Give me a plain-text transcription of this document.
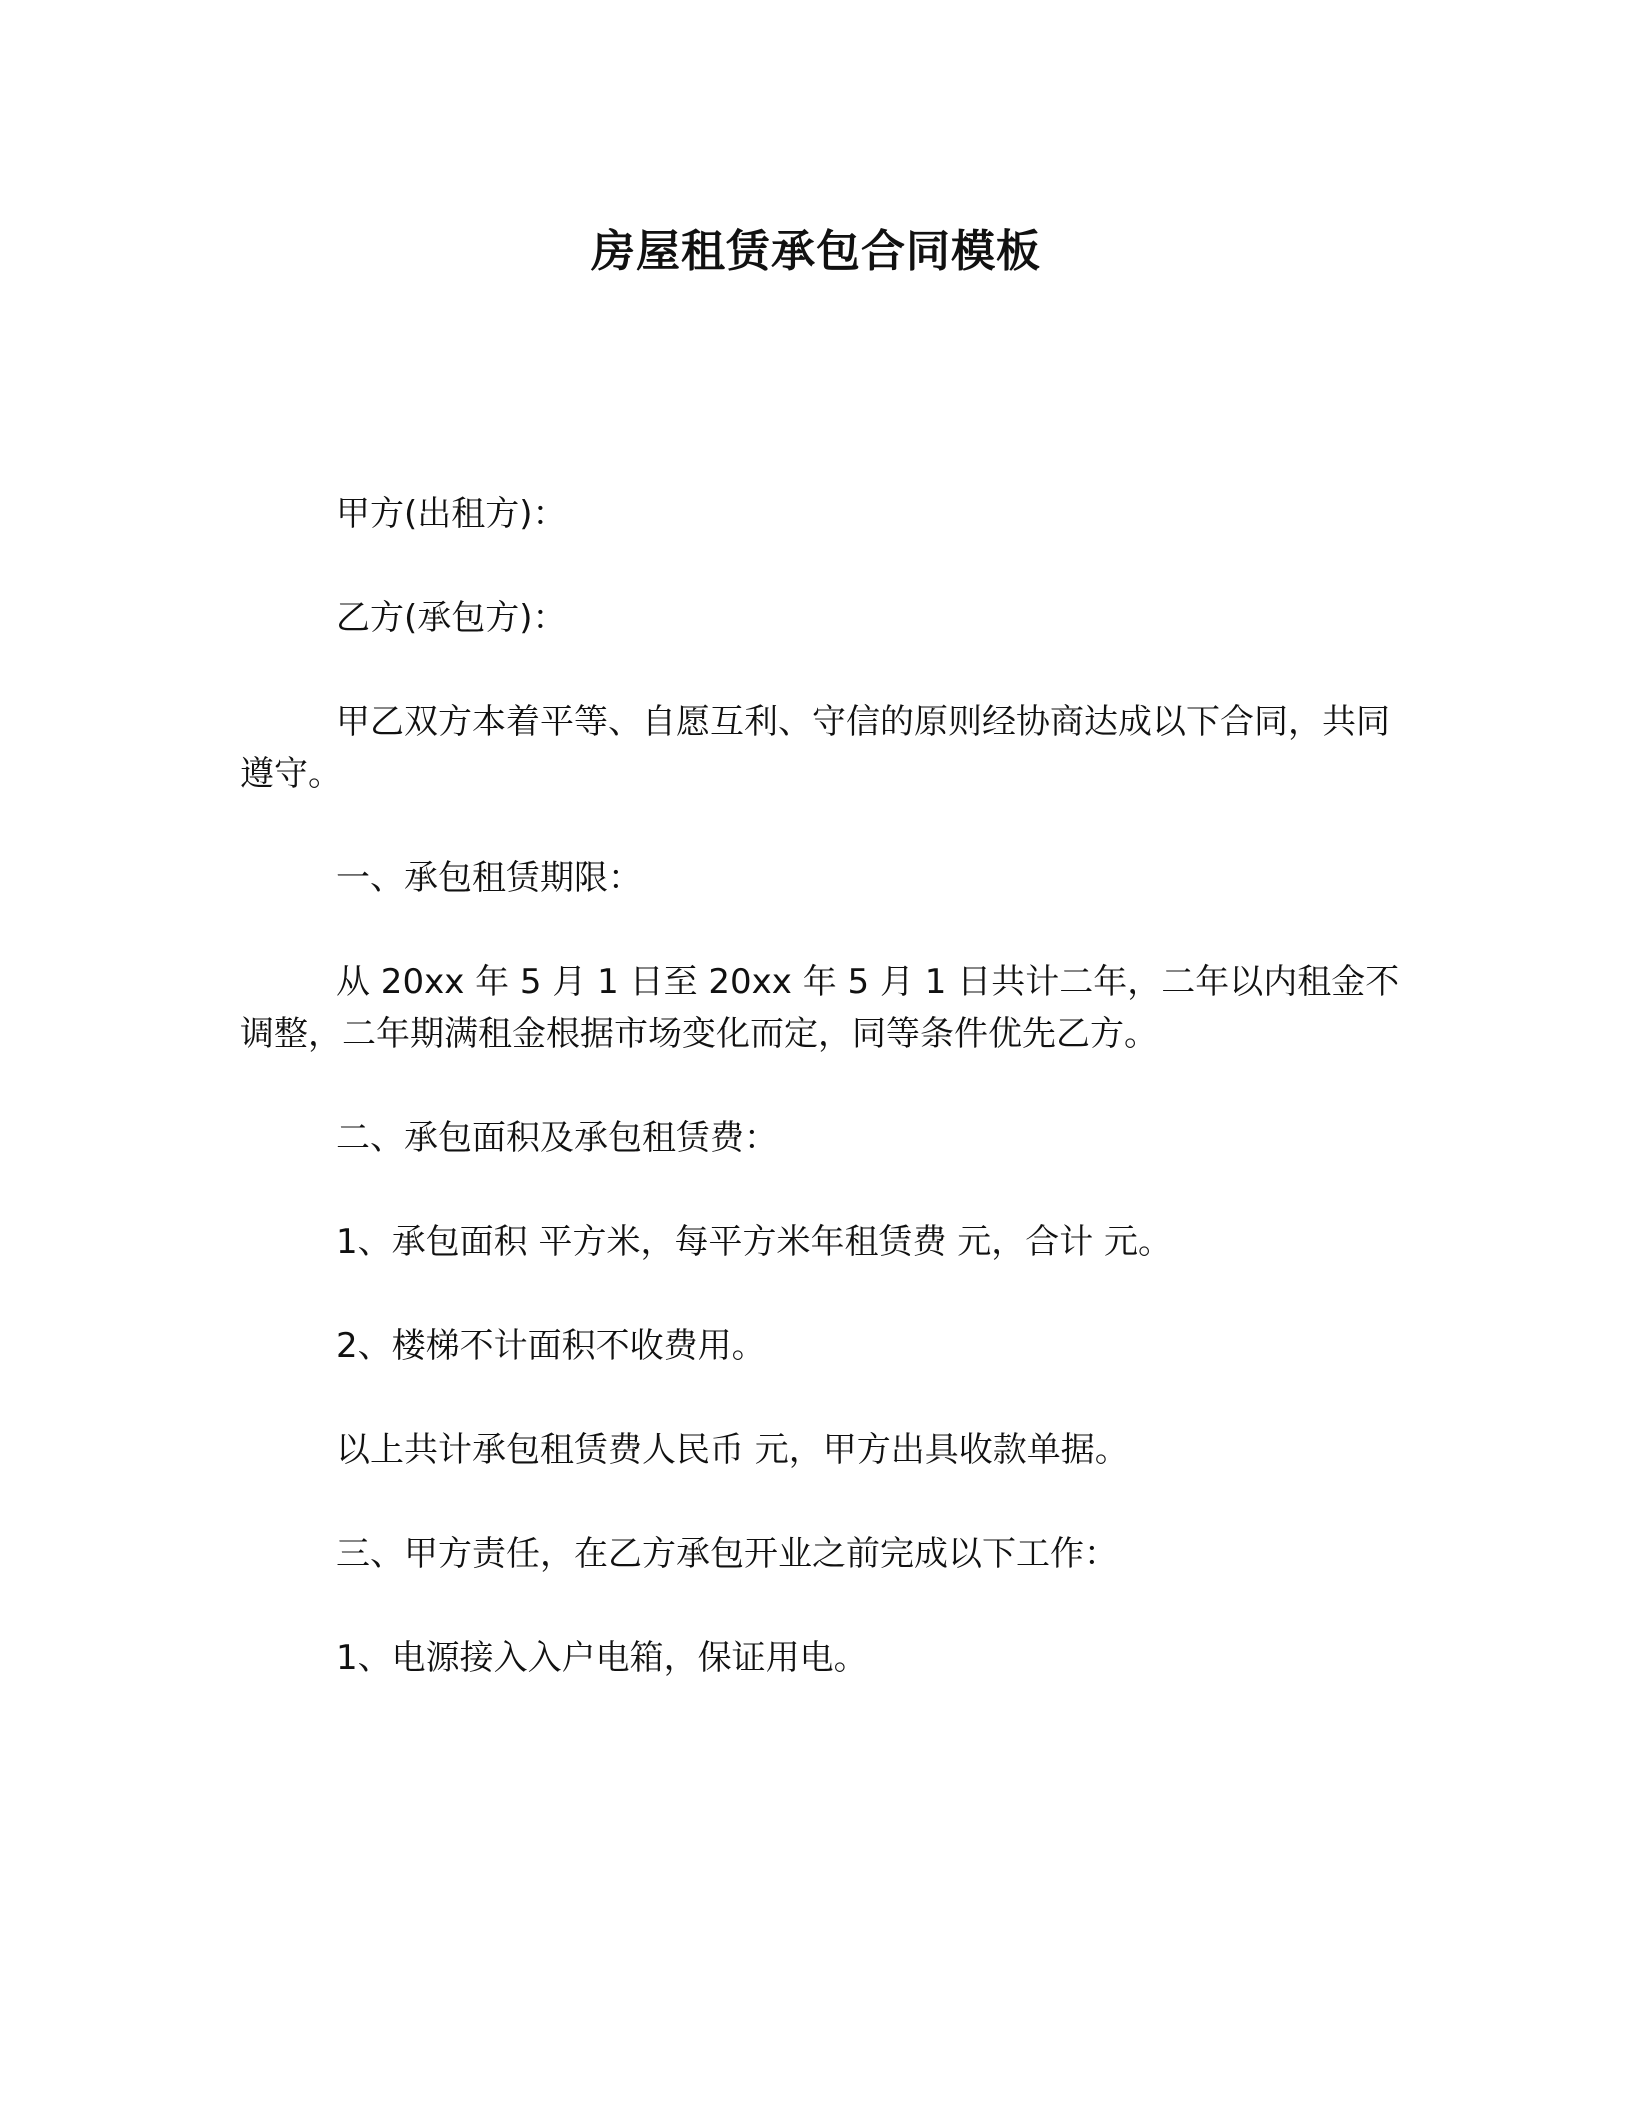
房屋租赁承包合同模板

甲方(出租方)：

乙方(承包方)：

甲乙双方本着平等、自愿互利、守信的原则经协商达成以下合同，共同遵守。

一、承包租赁期限：

从 20xx 年 5 月 1 日至 20xx 年 5 月 1 日共计二年，二年以内租金不调整，二年期满租金根据市场变化而定，同等条件优先乙方。

二、承包面积及承包租赁费：

1、承包面积 平方米，每平方米年租赁费 元，合计 元。

2、楼梯不计面积不收费用。

以上共计承包租赁费人民币 元，甲方出具收款单据。

三、甲方责任，在乙方承包开业之前完成以下工作：

1、电源接入入户电箱，保证用电。
